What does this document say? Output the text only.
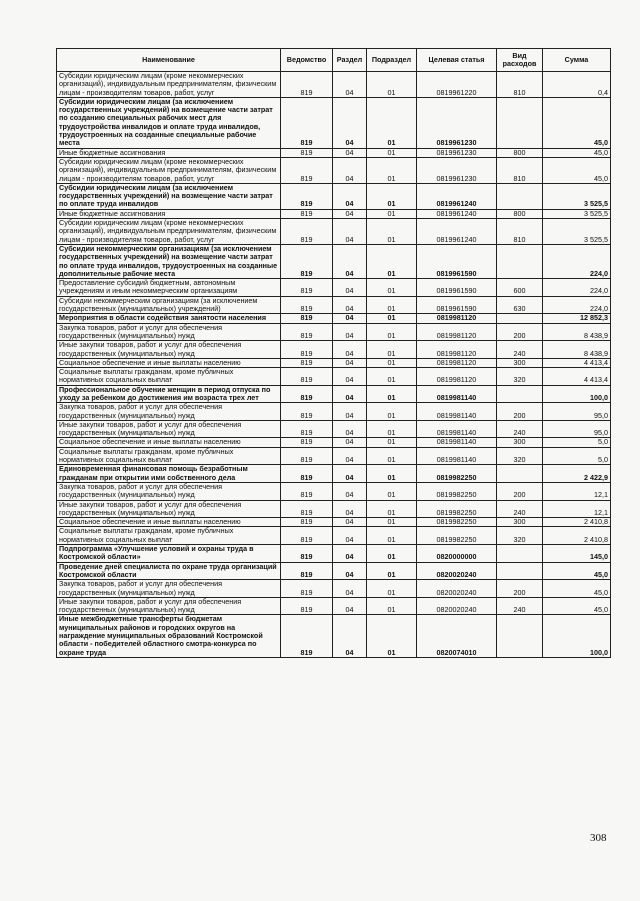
Наименование	Ведомство	Раздел	Подраздел	Целевая статья	Вид расходов	Сумма
Субсидии юридическим лицам (кроме некоммерческих организаций), индивидуальным предпринимателям, физическим лицам - производителям товаров, работ, услуг	819	04	01	0819961220	810	0,4
Субсидии юридическим лицам (за исключением государственных учреждений) на возмещение части затрат по созданию специальных рабочих мест для трудоустройства инвалидов и оплате труда инвалидов, трудоустроенных на созданные специальные рабочие места	819	04	01	0819961230		45,0
Иные бюджетные ассигнования	819	04	01	0819961230	800	45,0
Субсидии юридическим лицам (кроме некоммерческих организаций), индивидуальным предпринимателям, физическим лицам - производителям товаров, работ, услуг	819	04	01	0819961230	810	45,0
Субсидии юридическим лицам (за исключением государственных учреждений) на возмещение части затрат по оплате труда инвалидов	819	04	01	0819961240		3 525,5
Иные бюджетные ассигнования	819	04	01	0819961240	800	3 525,5
Субсидии юридическим лицам (кроме некоммерческих организаций), индивидуальным предпринимателям, физическим лицам - производителям товаров, работ, услуг	819	04	01	0819961240	810	3 525,5
Субсидии некоммерческим организациям (за исключением государственных учреждений) на возмещение части затрат по оплате труда инвалидов, трудоустроенных на созданные дополнительные рабочие места	819	04	01	0819961590		224,0
Предоставление субсидий бюджетным, автономным учреждениям и иным некоммерческим организациям	819	04	01	0819961590	600	224,0
Субсидии некоммерческим организациям (за исключением государственных (муниципальных) учреждений)	819	04	01	0819961590	630	224,0
Мероприятия в области содействия занятости населения	819	04	01	0819981120		12 852,3
Закупка товаров, работ и услуг для обеспечения государственных (муниципальных) нужд	819	04	01	0819981120	200	8 438,9
Иные закупки товаров, работ и услуг для обеспечения государственных (муниципальных) нужд	819	04	01	0819981120	240	8 438,9
Социальное обеспечение и иные выплаты населению	819	04	01	0819981120	300	4 413,4
Социальные выплаты гражданам, кроме публичных нормативных социальных выплат	819	04	01	0819981120	320	4 413,4
Профессиональное обучение женщин в период отпуска по уходу за ребенком до достижения им возраста трех лет	819	04	01	0819981140		100,0
Закупка товаров, работ и услуг для обеспечения государственных (муниципальных) нужд	819	04	01	0819981140	200	95,0
Иные закупки товаров, работ и услуг для обеспечения государственных (муниципальных) нужд	819	04	01	0819981140	240	95,0
Социальное обеспечение и иные выплаты населению	819	04	01	0819981140	300	5,0
Социальные выплаты гражданам, кроме публичных нормативных социальных выплат	819	04	01	0819981140	320	5,0
Единовременная финансовая помощь безработным гражданам при открытии ими собственного дела	819	04	01	0819982250		2 422,9
Закупка товаров, работ и услуг для обеспечения государственных (муниципальных) нужд	819	04	01	0819982250	200	12,1
Иные закупки товаров, работ и услуг для обеспечения государственных (муниципальных) нужд	819	04	01	0819982250	240	12,1
Социальное обеспечение и иные выплаты населению	819	04	01	0819982250	300	2 410,8
Социальные выплаты гражданам, кроме публичных нормативных социальных выплат	819	04	01	0819982250	320	2 410,8
Подпрограмма «Улучшение условий и охраны труда в Костромской области»	819	04	01	0820000000		145,0
Проведение дней специалиста по охране труда организаций Костромской области	819	04	01	0820020240		45,0
Закупка товаров, работ и услуг для обеспечения государственных (муниципальных) нужд	819	04	01	0820020240	200	45,0
Иные закупки товаров, работ и услуг для обеспечения государственных (муниципальных) нужд	819	04	01	0820020240	240	45,0
Иные межбюджетные трансферты бюджетам муниципальных районов и городских округов на награждение муниципальных образований Костромской области - победителей областного смотра-конкурса по охране труда	819	04	01	0820074010		100,0
308
